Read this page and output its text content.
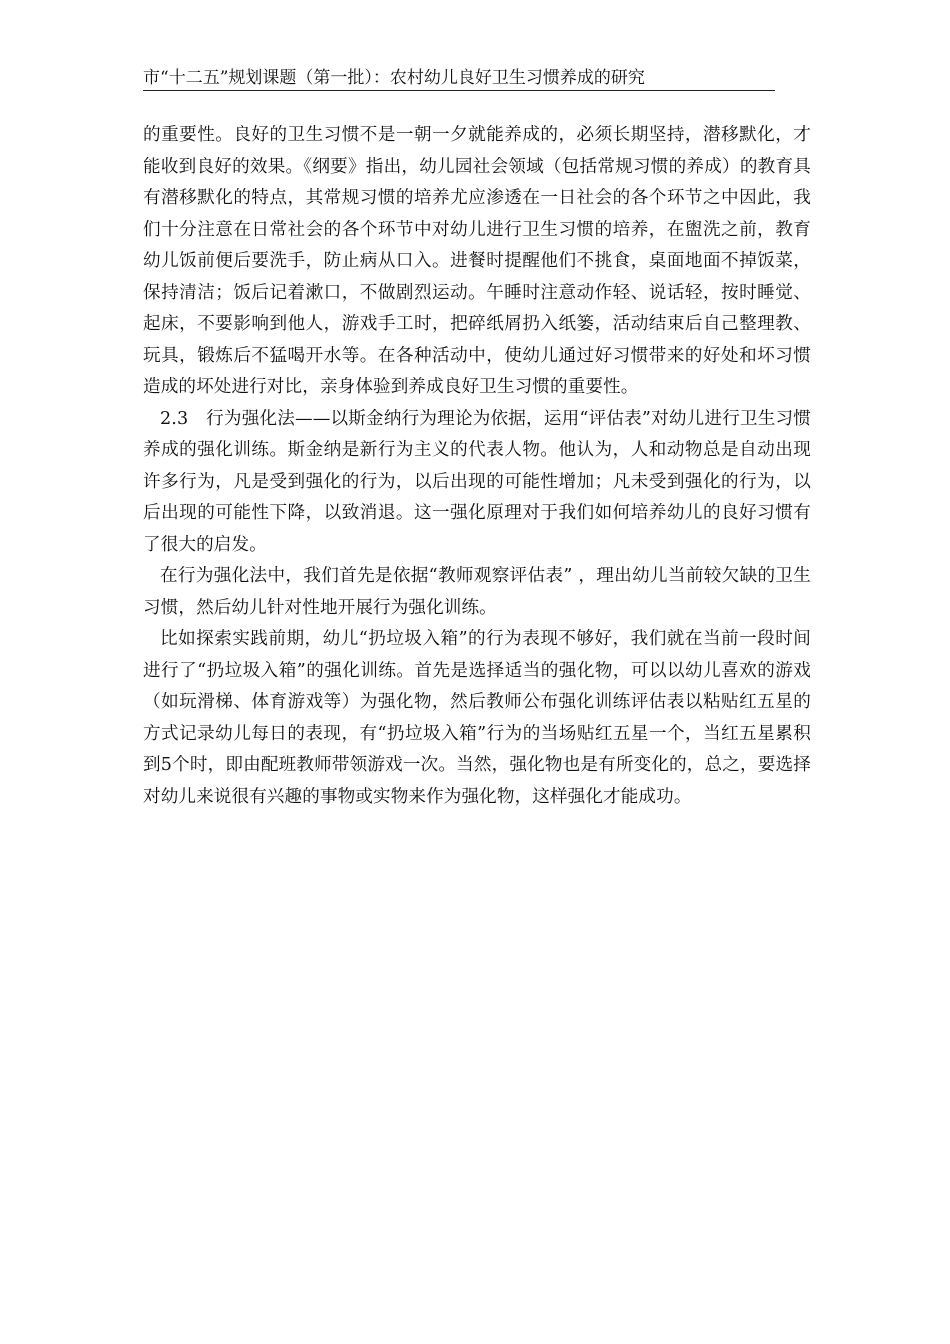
市“十二五”规划课题（第一批）：农村幼儿良好卫生习惯养成的研究

的重要性。良好的卫生习惯不是一朝一夕就能养成的，必须长期坚持，潜移默化，才能收到良好的效果。《纲要》指出，幼儿园社会领域（包括常规习惯的养成）的教育具有潜移默化的特点，其常规习惯的培养尤应渗透在一日社会的各个环节之中因此，我们十分注意在日常社会的各个环节中对幼儿进行卫生习惯的培养，在盥洗之前，教育幼儿饭前便后要洗手，防止病从口入。进餐时提醒他们不挑食，桌面地面不掉饭菜，保持清洁；饭后记着漱口，不做剧烈运动。午睡时注意动作轻、说话轻，按时睡觉、起床，不要影响到他人，游戏手工时，把碎纸屑扔入纸篓，活动结束后自己整理教、玩具，锻炼后不猛喝开水等。在各种活动中，使幼儿通过好习惯带来的好处和坏习惯造成的坏处进行对比，亲身体验到养成良好卫生习惯的重要性。

2.3　行为强化法——以斯金纳行为理论为依据，运用“评估表”对幼儿进行卫生习惯养成的强化训练。斯金纳是新行为主义的代表人物。他认为，人和动物总是自动出现许多行为，凡是受到强化的行为，以后出现的可能性增加；凡未受到强化的行为，以后出现的可能性下降，以致消退。这一强化原理对于我们如何培养幼儿的良好习惯有了很大的启发。

在行为强化法中，我们首先是依据“教师观察评估表” ，理出幼儿当前较欠缺的卫生习惯，然后幼儿针对性地开展行为强化训练。

比如探索实践前期，幼儿“扔垃圾入箱”的行为表现不够好，我们就在当前一段时间进行了“扔垃圾入箱”的强化训练。首先是选择适当的强化物，可以以幼儿喜欢的游戏（如玩滑梯、体育游戏等）为强化物，然后教师公布强化训练评估表以粘贴红五星的方式记录幼儿每日的表现，有“扔垃圾入箱”行为的当场贴红五星一个，当红五星累积到5个时，即由配班教师带领游戏一次。当然，强化物也是有所变化的，总之，要选择对幼儿来说很有兴趣的事物或实物来作为强化物，这样强化才能成功。
